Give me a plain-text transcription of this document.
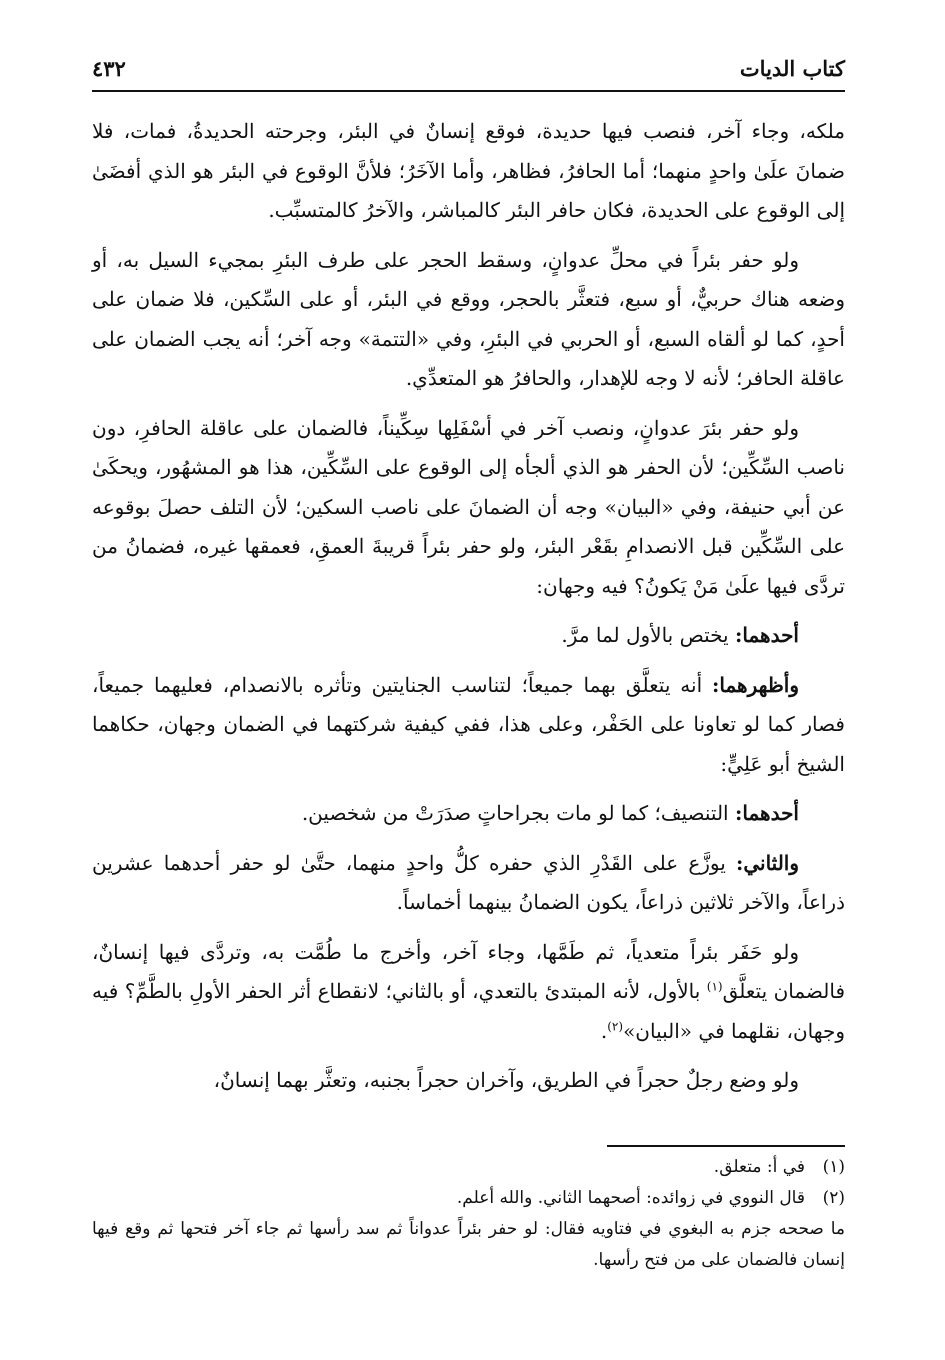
كتاب الديات
٤٣٢

ملكه، وجاء آخر، فنصب فيها حديدة، فوقع إنسانٌ في البئر، وجرحته الحديدةُ، فمات، فلا ضمانَ علَىٰ واحدٍ منهما؛ أما الحافرُ، فظاهر، وأما الآخَرُ؛ فلأنَّ الوقوع في البئر هو الذي أفضَىٰ إلى الوقوع على الحديدة، فكان حافر البئر كالمباشر، والآخرُ كالمتسبِّب.

ولو حفر بئراً في محلِّ عدوانٍ، وسقط الحجر على طرف البئرِ بمجيء السيل به، أو وضعه هناك حربيٌّ، أو سبع، فتعثَّر بالحجر، ووقع في البئر، أو على السِّكين، فلا ضمان على أحدٍ، كما لو ألقاه السبع، أو الحربي في البئرِ، وفي «التتمة» وجه آخر؛ أنه يجب الضمان على عاقلة الحافر؛ لأنه لا وجه للإهدار، والحافرُ هو المتعدِّي.

ولو حفر بئرَ عدوانٍ، ونصب آخر في أسْفَلِها سِكِّيناً، فالضمان على عاقلة الحافرِ، دون ناصب السِّكِّين؛ لأن الحفر هو الذي ألجأه إلى الوقوع على السِّكِّين، هذا هو المشهُور، ويحكَىٰ عن أبي حنيفة، وفي «البيان» وجه أن الضمانَ على ناصب السكين؛ لأن التلف حصلَ بوقوعه على السِّكِّين قبل الانصدامِ بقَعْر البئر، ولو حفر بئراً قريبةَ العمقِ، فعمقها غيره، فضمانُ من تردَّى فيها علَىٰ مَنْ يَكونُ؟ فيه وجهان:

أحدهما: يختص بالأول لما مرَّ.

وأظهرهما: أنه يتعلَّق بهما جميعاً؛ لتناسب الجنايتين وتأثره بالانصدام، فعليهما جميعاً، فصار كما لو تعاونا على الحَفْر، وعلى هذا، ففي كيفية شركتهما في الضمان وجهان، حكاهما الشيخ أبو عَلِيٍّ:

أحدهما: التنصيف؛ كما لو مات بجراحاتٍ صدَرَتْ من شخصين.

والثاني: يوزَّع على القَدْرِ الذي حفره كلُّ واحدٍ منهما، حتَّىٰ لو حفر أحدهما عشرين ذراعاً، والآخر ثلاثين ذراعاً، يكون الضمانُ بينهما أخماساً.

ولو حَفَر بئراً متعدياً، ثم طَمَّها، وجاء آخر، وأخرج ما طُمَّت به، وتردَّى فيها إنسانٌ، فالضمان يتعلَّق$^{(١)}$ بالأول، لأنه المبتدئ بالتعدي، أو بالثاني؛ لانقطاع أثر الحفر الأولِ بالطَّمِّ؟ فيه وجهان، نقلهما في «البيان»$^{(٢)}$.

ولو وضع رجلٌ حجراً في الطريق، وآخران حجراً بجنبه، وتعثَّر بهما إنسانٌ،

(١)في أ: متعلق.

(٢)قال النووي في زوائده: أصحهما الثاني. والله أعلم.

ما صححه جزم به البغوي في فتاويه فقال: لو حفر بئراً عدواناً ثم سد رأسها ثم جاء آخر فتحها ثم وقع فيها إنسان فالضمان على من فتح رأسها.
